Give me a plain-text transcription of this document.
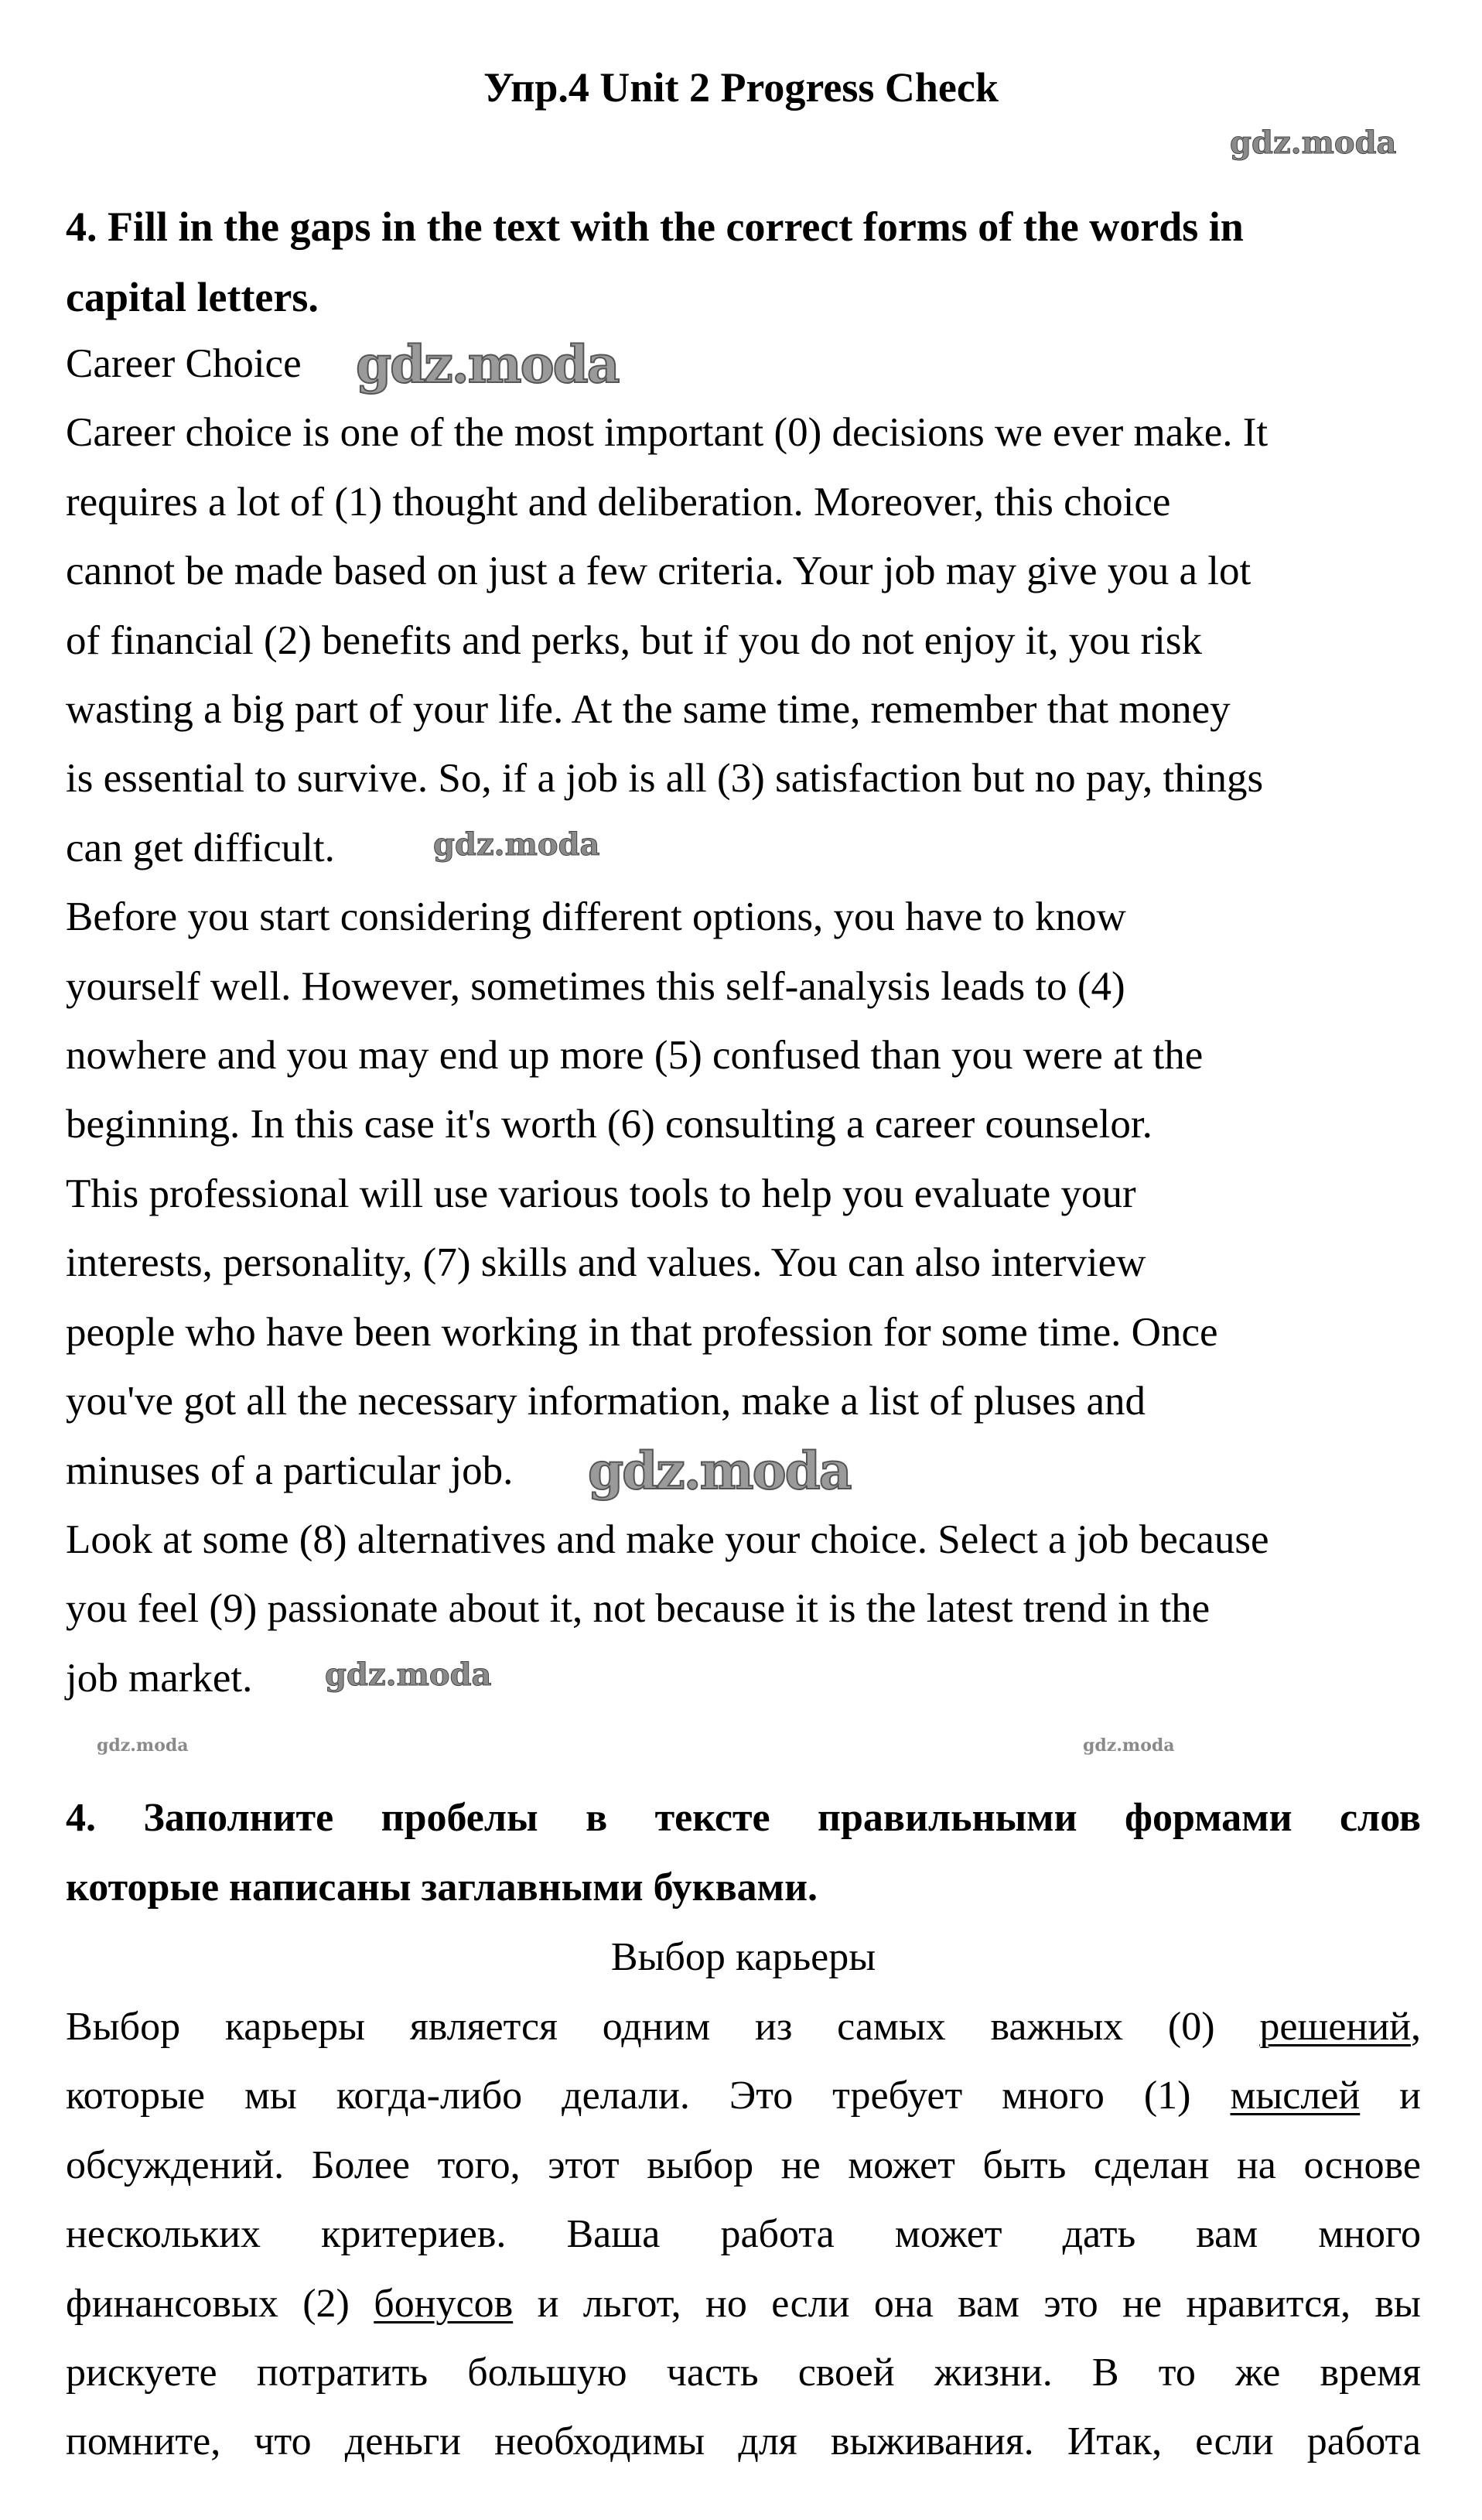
Упр.4 Unit 2 Progress Check
4. Fill in the gaps in the text with the correct forms of the words in
capital letters.
Career Choice
Career choice is one of the most important (0) decisions we ever make. It
requires a lot of (1) thought and deliberation. Moreover, this choice
cannot be made based on just a few criteria. Your job may give you a lot
of financial (2) benefits and perks, but if you do not enjoy it, you risk
wasting a big part of your life. At the same time, remember that money
is essential to survive. So, if a job is all (3) satisfaction but no pay, things
can get difficult.
Before you start considering different options, you have to know
yourself well. However, sometimes this self-analysis leads to (4)
nowhere and you may end up more (5) confused than you were at the
beginning. In this case it's worth (6) consulting a career counselor.
This professional will use various tools to help you evaluate your
interests, personality, (7) skills and values. You can also interview
people who have been working in that profession for some time. Once
you've got all the necessary information, make a list of pluses and
minuses of a particular job.
Look at some (8) alternatives and make your choice. Select a job because
you feel (9) passionate about it, not because it is the latest trend in the
job market.
4. Заполните пробелы в тексте правильными формами слов
которые написаны заглавными буквами.
Выбор карьеры
Выбор карьеры является одним из самых важных (0) решений,
которые мы когда-либо делали. Это требует много (1) мыслей и
обсуждений. Более того, этот выбор не может быть сделан на основе
нескольких критериев. Ваша работа может дать вам много
финансовых (2) бонусов и льгот, но если она вам это не нравится, вы
рискуете потратить большую часть своей жизни. В то же время
помните, что деньги необходимы для выживания. Итак, если работа
gdz.moda
gdz.moda
gdz.moda
gdz.moda
gdz.moda
gdz.moda	gdz.moda
